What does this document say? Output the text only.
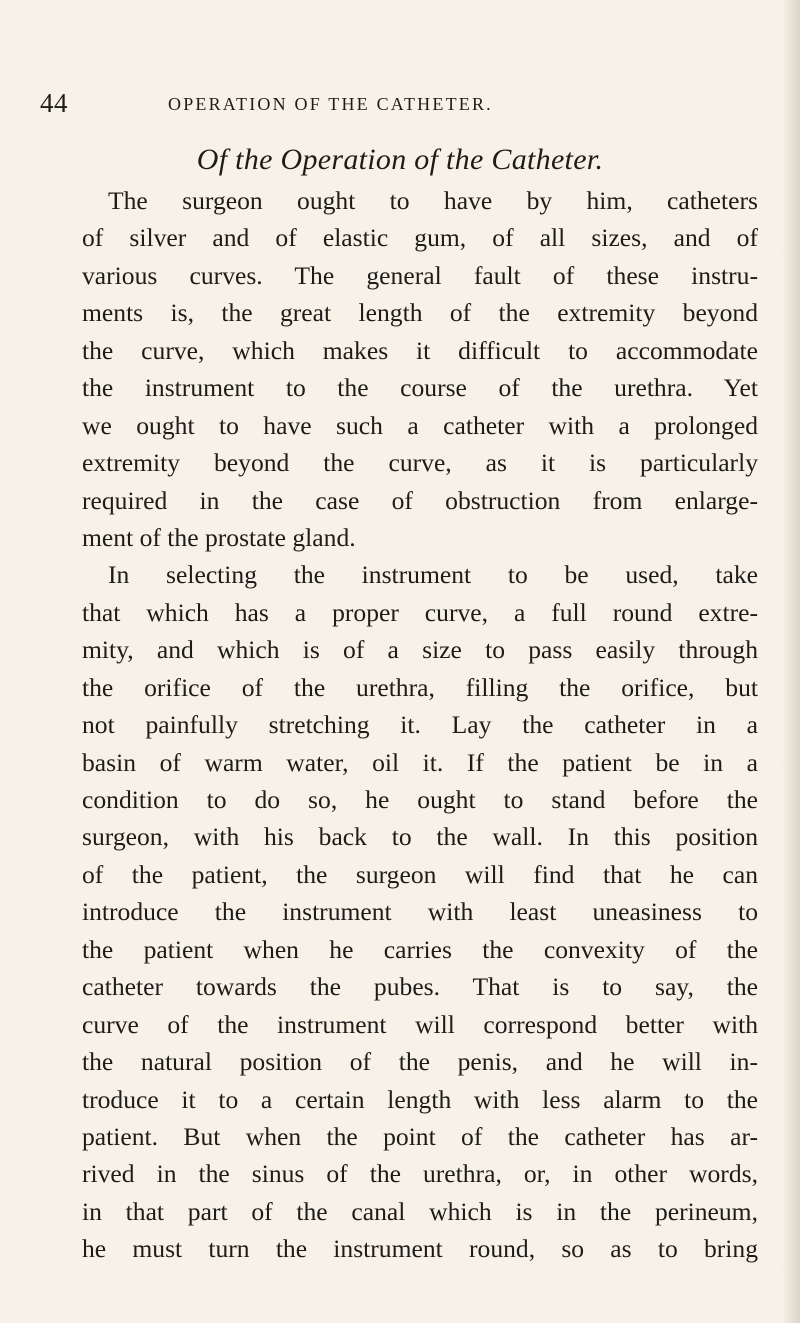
44	OPERATION OF THE CATHETER.
Of the Operation of the Catheter.
The surgeon ought to have by him, catheters
of silver and of elastic gum, of all sizes, and of
various curves. The general fault of these instru-
ments is, the great length of the extremity beyond
the curve, which makes it difficult to accommodate
the instrument to the course of the urethra. Yet
we ought to have such a catheter with a prolonged
extremity beyond the curve, as it is particularly
required in the case of obstruction from enlarge-
ment of the prostate gland.
In selecting the instrument to be used, take
that which has a proper curve, a full round extre-
mity, and which is of a size to pass easily through
the orifice of the urethra, filling the orifice, but
not painfully stretching it. Lay the catheter in a
basin of warm water, oil it. If the patient be in a
condition to do so, he ought to stand before the
surgeon, with his back to the wall. In this position
of the patient, the surgeon will find that he can
introduce the instrument with least uneasiness to
the patient when he carries the convexity of the
catheter towards the pubes. That is to say, the
curve of the instrument will correspond better with
the natural position of the penis, and he will in-
troduce it to a certain length with less alarm to the
patient. But when the point of the catheter has ar-
rived in the sinus of the urethra, or, in other words,
in that part of the canal which is in the perineum,
he must turn the instrument round, so as to bring
